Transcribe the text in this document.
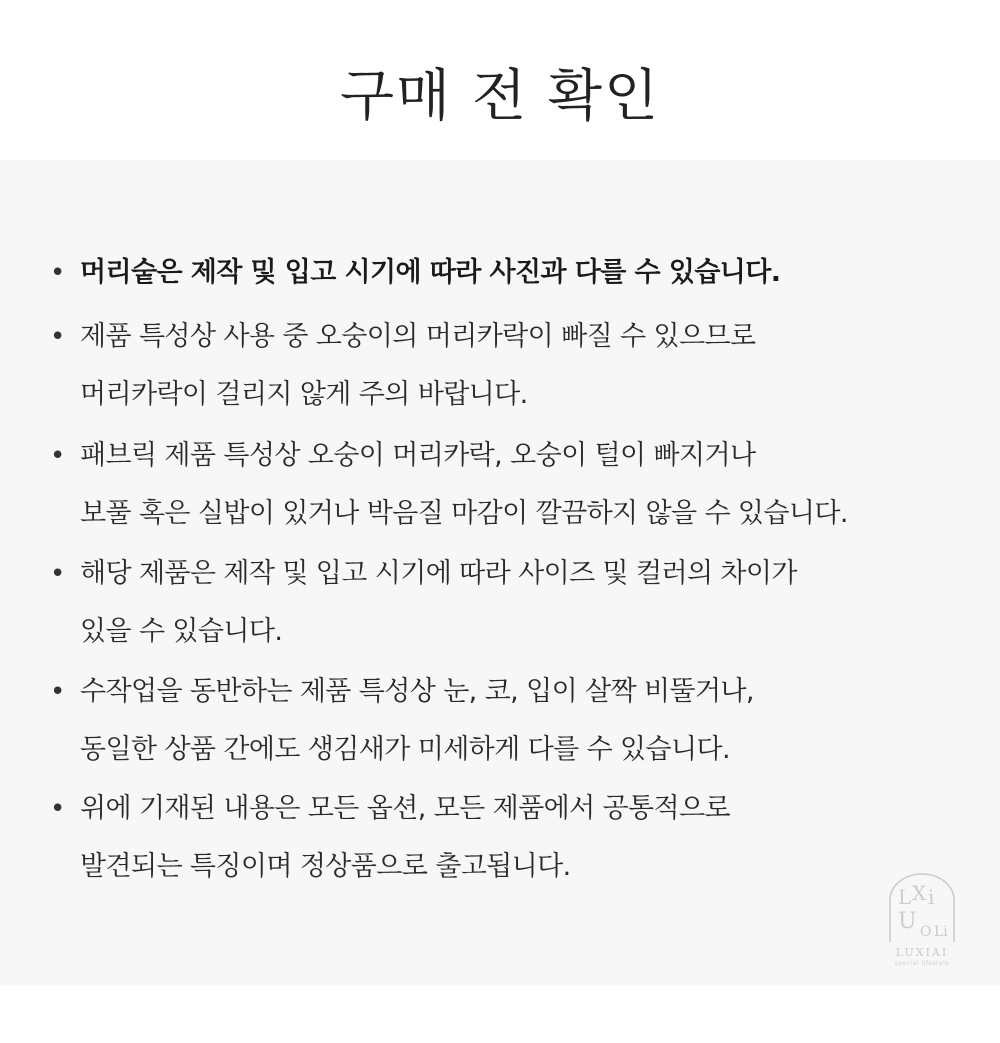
구매 전 확인
• 머리숱은 제작 및 입고 시기에 따라 사진과 다를 수 있습니다.
• 제품 특성상 사용 중 오숭이의 머리카락이 빠질 수 있으므로
머리카락이 걸리지 않게 주의 바랍니다.
• 패브릭 제품 특성상 오숭이 머리카락, 오숭이 털이 빠지거나
보풀 혹은 실밥이 있거나 박음질 마감이 깔끔하지 않을 수 있습니다.
• 해당 제품은 제작 및 입고 시기에 따라 사이즈 및 컬러의 차이가
있을 수 있습니다.
• 수작업을 동반하는 제품 특성상 눈, 코, 입이 살짝 비뚤거나,
동일한 상품 간에도 생김새가 미세하게 다를 수 있습니다.
• 위에 기재된 내용은 모든 옵션, 모든 제품에서 공통적으로
발견되는 특징이며 정상품으로 출고됩니다.
L X i
U O Li
LUXIAI
special lifestyle
